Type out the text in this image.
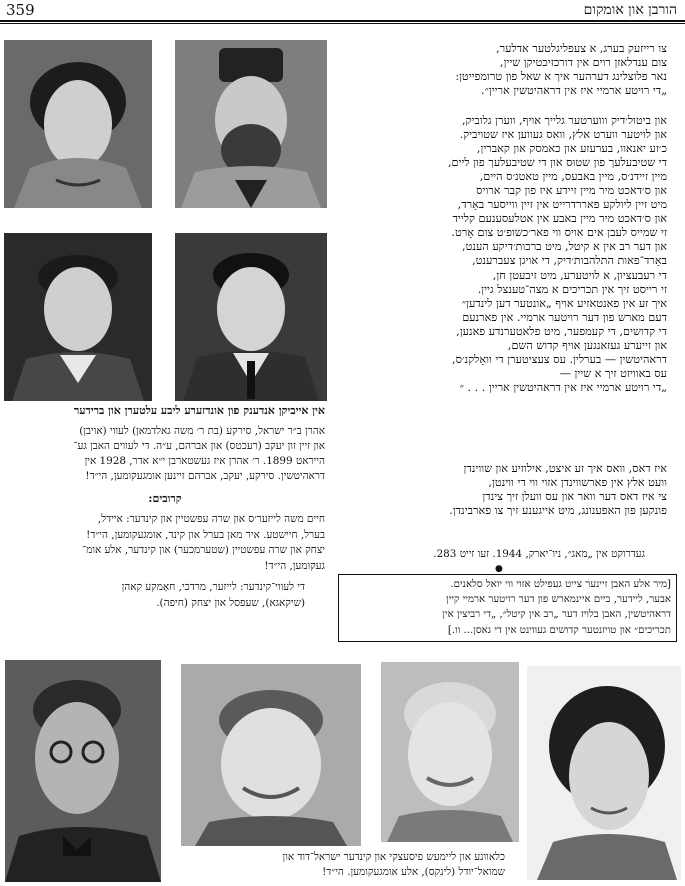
359	הורבן און אומקום
אין אייביקן אנדענק פון אונדזערע ליבע עלטערן און ברידער
אהרן ב״ר ישראל, סירקע (בת ר׳ משה גאלדמאן) לעווי (אויבן)
און זיין זון יעקב (רעכטס) און אברהם, ע״ה. די לעווים האבן גע־
הייראט 1899. ר׳ אהרן איז געשטארבן י״א אדר, 1928 אין
דראהיטשין. סירקע, יעקב, אברהם זיינען אומגעקומען, הי״ד!
קרובים:
חיים משה לייזער׳ס און שרה עפשטיין און קינדער: איידל,
בערל, חיישטע. איר מאן בערל און קינד, אומגעקומען, הי״ד!
יצחק און שרה עפשטיין (שטערמכער) און קינדער, אלע אומ־
געקומען, הי״ד!
די לעווי־קינדער: לייזער, מרדכי, חאַמקע קאהן
(שיקאגא), שעפסל און יצחק (חיפה).
צו רייזעק בערג, א צעפליגלטער אדלער,
צום ענדלאזן רוים אין דורכזיכטיקן שיין,
נאר פלוצלינג דערהער איך א שאל פון טרומפייטן:
„די רויטע ארמיי איז אין דראהיטשין אריין״.
און ביטול׳דיק וווערטער גלייך אויף, ווערן גלוביק,
און לויטער ווערט אלץ, וואס געווען איז שטויביק.
כ׳זע יאנאוו, בערעזע און כאמסק און קאברין,
די שטיבעלעך פון שטוּס און די שטיבעלעך פון ליים,
מיין זיידנ׳ס, מיין באבעס, מיין טאטנ׳ס היים,
און ס׳דאכט מיר מיין זיידע איז פון קבר ארויס
מיט זיין ליולקע פאררדרייט אין זיין ווייסער באָרד,
און ס׳דאכט מיר מיין באבע אין אטלעסענעם קלייד
זי שמייס לעבן אים אויס ווי פאר׳כשופ׳ט צום אָרט.
און דער רב אין א קיטל, מיט ברכות׳דיקע הענט,
באָרד־פאות התלהבות׳דיק, די אויגן צעברענט,
די רעבעציון, א לויטערע, מיט זיבעטן חן,
זי רייסט זיך אין תכריכים א מצה־טענצל גיין.
איך זע אין פאנטאזיע אויף „אונטער דען לינדען״
דעם מארש פון דער רויטער ארמיי. אין פארנעם
די קדושים, די קעמפער, מיט פלאטערנדע פאנען,
און זייערע געזאנגען אויף קדוש השם,
דראהיטשין — בערלין. עס צעציטערן די וואָלקנ׳ס,
עס באוויזט זיך א שיין —
„די רויטע ארמיי איז אין דראהיטשין אריין . . . ״
איז דאס, וואס איך זע איצט, אילוזיע און שווינדן
וועט אלץ אין פארשווינדן אזוי ווי די ווינטן,
צי איז דאס דער וואר און עס וועלן זיך צינדן
פונקען פון האפענונג, מיט אייגענע זיך צו פארבינדן.
געדרוקט אין „מאג״, ניו־יארק, 1944. זעו זייט 283.
●
[מיר אלע האבן זיינער צייט געפילט אזוי ווי יואל סלאנים.
אבער, ליידער, ביים איינמארש פון דער רויטער ארמיי קיין
דראהיטשין, האבן בלויז דער „רב אין קיטל״, „די רביצין אין
תכריכים״ און טויזנטער קדושים געווינט אין די גאסן... וו.]
כלאוונע און ליימעש פיסעצקי און קינדער ישראל־דוד און
שמואל־יודל (לינקס), אלע אומגעקומען. הי״ד!
